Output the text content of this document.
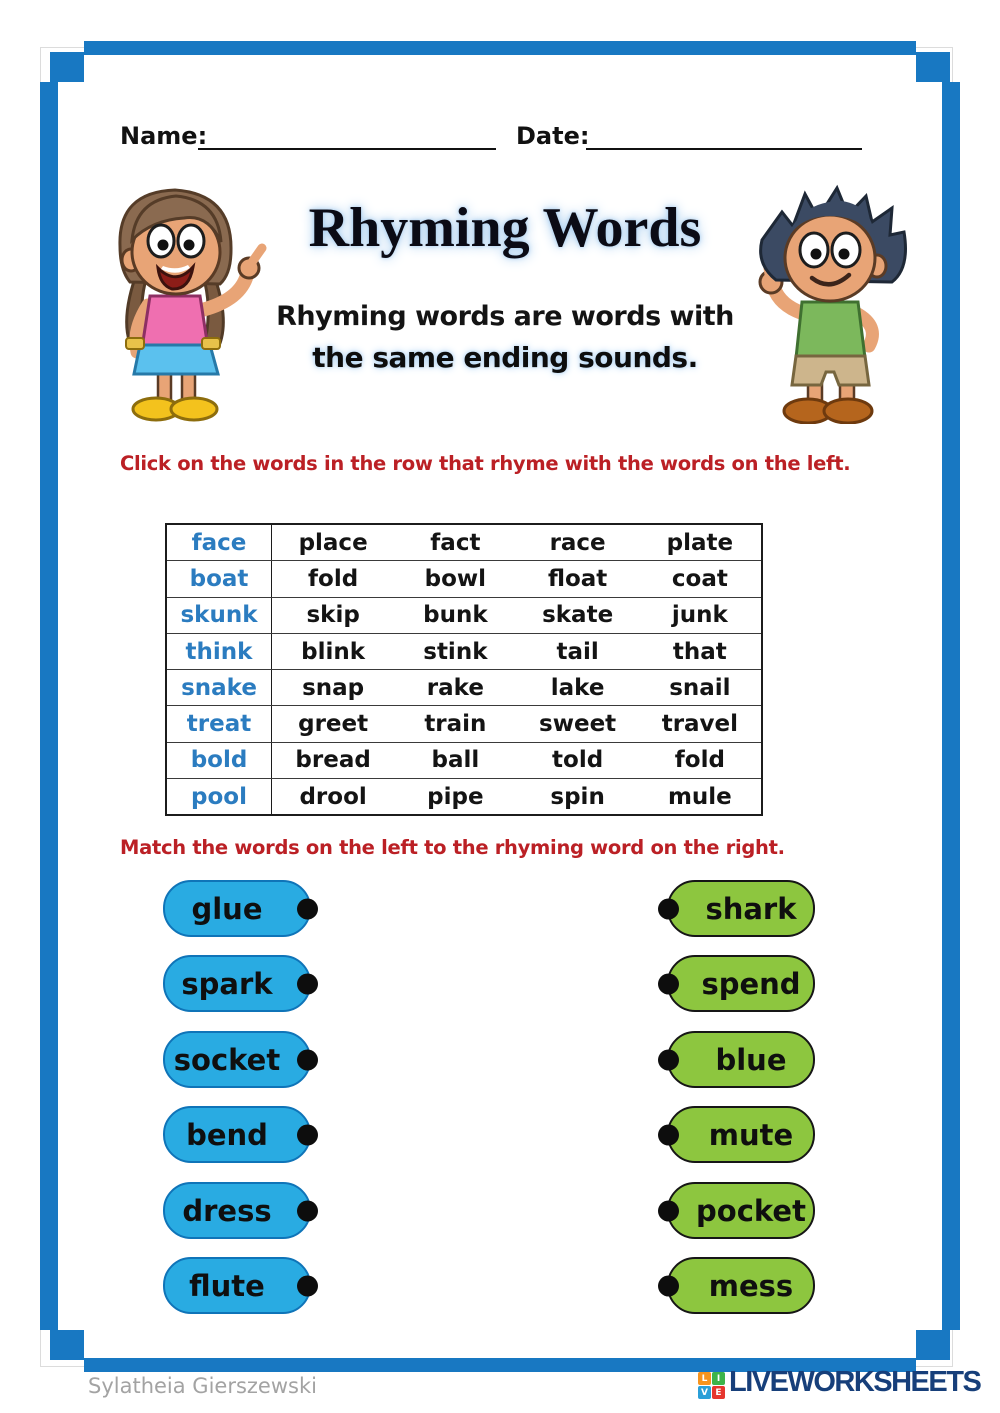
Name:	Date:
Rhyming Words
Rhyming words are words with
the same ending sounds.
Click on the words in the row that rhyme with the words on the left.
face	place	fact	race	plate
boat	fold	bowl	float	coat
skunk	skip	bunk	skate	junk
think	blink	stink	tail	that
snake	snap	rake	lake	snail
treat	greet	train	sweet	travel
bold	bread	ball	told	fold
pool	drool	pipe	spin	mule
Match the words on the left to the rhyming word on the right.
glue
spark
socket
bend
dress
flute
shark
spend
blue
mute
pocket
mess
Sylatheia Gierszewski	L	I
V E LIVEWORKSHEETS
